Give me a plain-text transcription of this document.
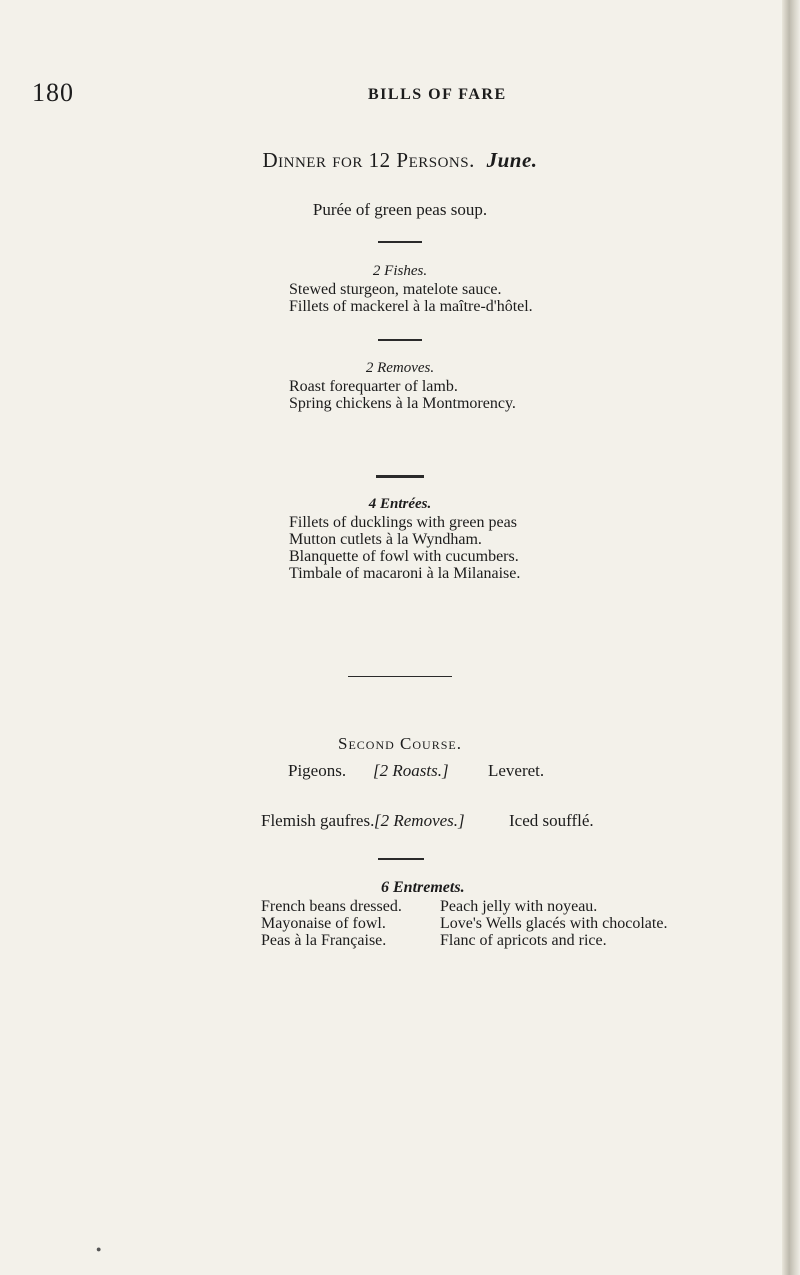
180	BILLS OF FARE
Dinner for 12 Persons. June.
Purée of green peas soup.
2 Fishes.
Stewed sturgeon, matelote sauce.
Fillets of mackerel à la maître-d'hôtel.
2 Removes.
Roast forequarter of lamb.
Spring chickens à la Montmorency.
4 Entrées.
Fillets of ducklings with green peas
Mutton cutlets à la Wyndham.
Blanquette of fowl with cucumbers.
Timbale of macaroni à la Milanaise.
Second Course.
Pigeons. [2 Roasts.] Leveret.
Flemish gaufres. [2 Removes.]	Iced soufflé.
6 Entremets.
French beans dressed.
Mayonaise of fowl.
Peas à la Française.
Peach jelly with noyeau.
Love's Wells glacés with chocolate.
Flanc of apricots and rice.
●
